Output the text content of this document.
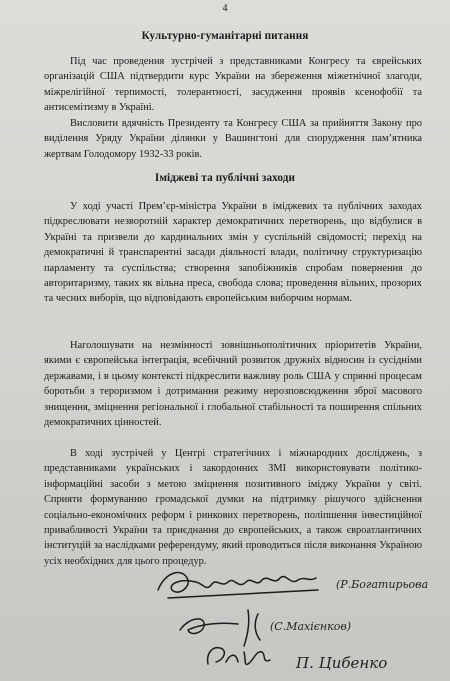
4
Культурно-гуманітарні питання

Під час проведення зустрічей з представниками Конгресу та єврейських організацій США підтвердити курс України на збереження міжетнічної злагоди, міжрелігійної терпимості, толерантності, засудження проявів ксенофобії та антисемітизму в Україні.

Висловити вдячність Президенту та Конгресу США за прийняття Закону про виділення Уряду України ділянки у Вашингтоні для спорудження пам’ятника жертвам Голодомору 1932-33 років.

Іміджеві та публічні заходи

У ході участі Прем’єр-міністра України в іміджевих та публічних заходах підкреслювати незворотній характер демократичних перетворень, що відбулися в Україні та призвели до кардинальних змін у суспільній свідомості; перехід на демократичні й транспарентні засади діяльності влади, політичну структуризацію парламенту та суспільства; створення запобіжників спробам повернення до авторитаризму, таких як вільна преса, свобода слова; проведення вільних, прозорих та чесних виборів, що відповідають європейським виборчим нормам.

Наголошувати на незмінності зовнішньополітичних пріоритетів України, якими є європейська інтеграція, всебічний розвиток дружніх відносин із сусідніми державами, і в цьому контексті підкреслити важливу роль США у спрянні процесам боротьби з тероризмом і дотримання режиму нерозповсюдження зброї масового знищення, зміцнення регіональної і глобальної стабільності та поширення спільних демократичних цінностей.

В ході зустрічей у Центрі стратегічних і міжнародних досліджень, з представниками українських і закордонних ЗМІ використовувати політико-інформаційні засоби з метою зміцнення позитивного іміджу України у світі. Сприяти формуванню громадської думки на підтримку рішучого здійснення соціально-економічних реформ і ринкових перетворень, поліпшення інвестиційної привабливості України та приєднання до європейських, а також євроатлантичних інституцій за наслідками референдуму, який проводиться після виконання Україною усіх необхідних для цього процедур.

(Р.Богатирьова
(С.Махієнков)
П. Цибенко
